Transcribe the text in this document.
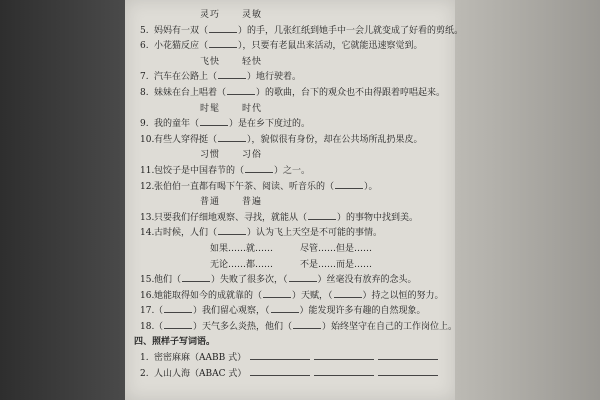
灵巧 灵敏
5. 妈妈有一双（	）的手，几张红纸到她手中一会儿就变成了好看的剪纸。
6. 小花猫反应（	），只要有老鼠出来活动，它就能迅速察觉到。
飞快 轻快
7. 汽车在公路上（	）地行驶着。
8. 妹妹在台上唱着（	）的歌曲，台下的观众也不由得跟着哼唱起来。
时髦 时代
9. 我的童年（	）是在乡下度过的。
10.有些人穿得挺（	），貌似很有身份，却在公共场所乱扔果皮。
习惯 习俗
11.包饺子是中国春节的（	）之一。
12.张伯伯一直都有喝下午茶、阅读、听音乐的（	）。
普通 普遍
13.只要我们仔细地观察、寻找，就能从（	）的事物中找到美。
14.古时候，人们（	）认为飞上天空是不可能的事情。
如果……就……	尽管……但是……
无论……都……	不是……而是……
15.他们（	）失败了很多次，（	）丝毫没有放弃的念头。
16.她能取得如今的成就靠的（	）天赋，（	）持之以恒的努力。
17.（	）我们留心观察，（	）能发现许多有趣的自然现象。
18.（	）天气多么炎热，他们（	）始终坚守在自己的工作岗位上。
四、照样子写词语。
1. 密密麻麻（AABB 式）
2. 人山人海（ABAC 式）
